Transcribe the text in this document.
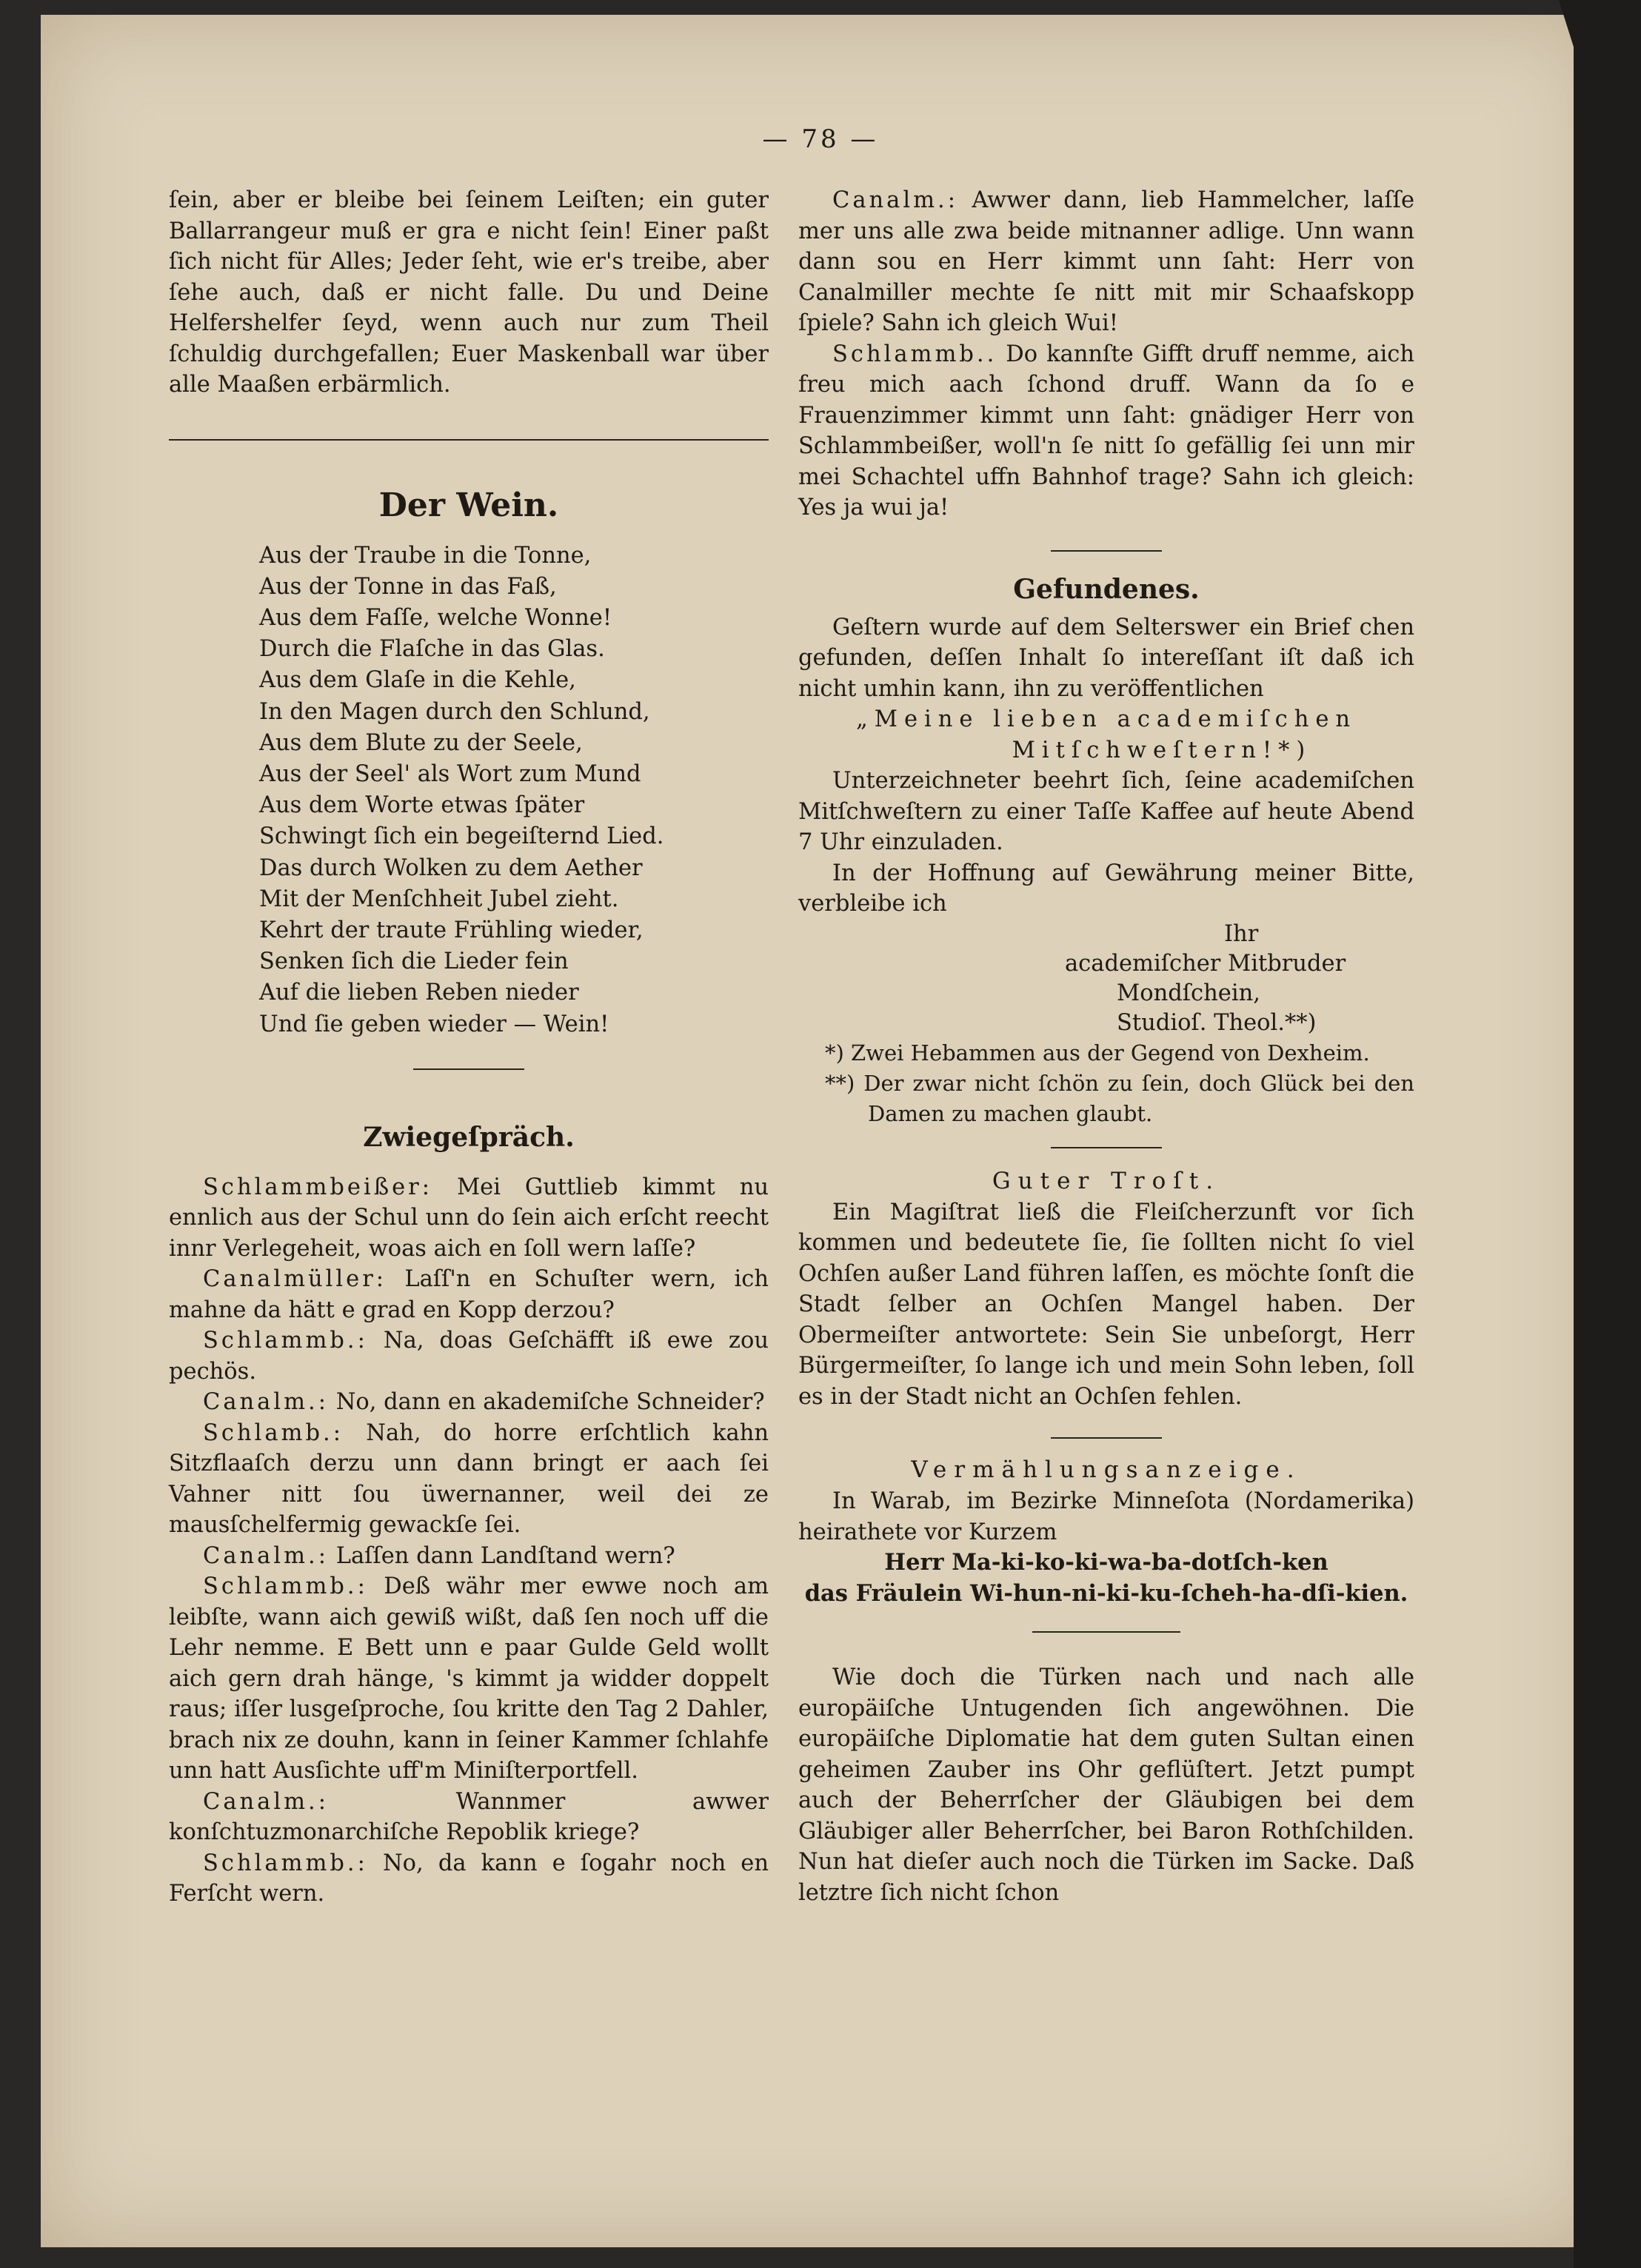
— 78 —

ſein, aber er bleibe bei ſeinem Leiſten; ein guter Ballarrangeur muß er gra e nicht ſein! Einer paßt ſich nicht für Alles; Jeder ſeht, wie er's treibe, aber ſehe auch, daß er nicht falle. Du und Deine Helfershelfer ſeyd, wenn auch nur zum Theil ſchuldig durchgefallen; Euer Maskenball war über alle Maaßen erbärmlich.

Der Wein.
Aus der Traube in die Tonne,
Aus der Tonne in das Faß,
Aus dem Faſſe, welche Wonne!
Durch die Flaſche in das Glas.
Aus dem Glaſe in die Kehle,
In den Magen durch den Schlund,
Aus dem Blute zu der Seele,
Aus der Seel' als Wort zum Mund
Aus dem Worte etwas ſpäter
Schwingt ſich ein begeiſternd Lied.
Das durch Wolken zu dem Aether
Mit der Menſchheit Jubel zieht.
Kehrt der traute Frühling wieder,
Senken ſich die Lieder fein
Auf die lieben Reben nieder
Und ſie geben wieder — Wein!
Zwiegeſpräch.

Schlammbeißer: Mei Guttlieb kimmt nu ennlich aus der Schul unn do ſein aich erſcht reecht innr Verlegeheit, woas aich en ſoll wern laſſe?

Canalmüller: Laſſ'n en Schuſter wern, ich mahne da hätt e grad en Kopp derzou?

Schlammb.: Na, doas Geſchäfft iß ewe zou pechös.

Canalm.: No, dann en akademiſche Schneider?

Schlamb.: Nah, do horre erſchtlich kahn Sitzflaaſch derzu unn dann bringt er aach ſei Vahner nitt ſou üwernanner, weil dei ze mausſchelfermig gewackſe ſei.

Canalm.: Laſſen dann Landſtand wern?

Schlammb.: Deß währ mer ewwe noch am leibſte, wann aich gewiß wißt, daß ſen noch uff die Lehr nemme. E Bett unn e paar Gulde Geld wollt aich gern drah hänge, 's kimmt ja widder doppelt raus; iſſer lusgeſproche, ſou kritte den Tag 2 Dahler, brach nix ze douhn, kann in ſeiner Kammer ſchlahfe unn hatt Ausſichte uff'm Miniſterportfell.

Canalm.: Wannmer awwer konſchtuzmonarchiſche Repoblik kriege?

Schlammb.: No, da kann e ſogahr noch en Ferſcht wern.

Canalm.: Awwer dann, lieb Hammelcher, laſſe mer uns alle zwa beide mitnanner adlige. Unn wann dann sou en Herr kimmt unn ſaht: Herr von Canalmiller mechte ſe nitt mit mir Schaafskopp ſpiele? Sahn ich gleich Wui!

Schlammb.. Do kannſte Gifft druff nemme, aich freu mich aach ſchond druff. Wann da ſo e Frauenzimmer kimmt unn ſaht: gnädiger Herr von Schlammbeißer, woll'n ſe nitt ſo gefällig ſei unn mir mei Schachtel uffn Bahnhof trage? Sahn ich gleich: Yes ja wui ja!

Gefundenes.

Geſtern wurde auf dem Selterswег ein Brief chen gefunden, deſſen Inhalt ſo intereſſant iſt daß ich nicht umhin kann, ihn zu veröffentlichen

„Meine lieben academiſchen

Mitſchweſtern!*)

Unterzeichneter beehrt ſich, ſeine academiſchen Mitſchweſtern zu einer Taſſe Kaffee auf heute Abend 7 Uhr einzuladen.

In der Hoffnung auf Gewährung meiner Bitte, verbleibe ich

Ihr
academiſcher Mitbruder
Mondſchein,
Studioſ. Theol.**)

*) Zwei Hebammen aus der Gegend von Dexheim.

**) Der zwar nicht ſchön zu ſein, doch Glück bei den Damen zu machen glaubt.

Guter Troſt.

Ein Magiſtrat ließ die Fleiſcherzunft vor ſich kommen und bedeutete ſie, ſie ſollten nicht ſo viel Ochſen außer Land führen laſſen, es möchte ſonſt die Stadt ſelber an Ochſen Mangel haben. Der Obermeiſter antwortete: Sein Sie unbeſorgt, Herr Bürgermeiſter, ſo lange ich und mein Sohn leben, ſoll es in der Stadt nicht an Ochſen fehlen.

Vermählungsanzeige.

In Warab, im Bezirke Minneſota (Nordamerika) heirathete vor Kurzem

Herr Ma-ki-ko-ki-wa-ba-dotſch-ken

das Fräulein Wi-hun-ni-ki-ku-ſcheh-ha-dſi-kien.

Wie doch die Türken nach und nach alle europäiſche Untugenden ſich angewöhnen. Die europäiſche Diplomatie hat dem guten Sultan einen geheimen Zauber ins Ohr geflüſtert. Jetzt pumpt auch der Beherrſcher der Gläubigen bei dem Gläubiger aller Beherrſcher, bei Baron Rothſchilden. Nun hat dieſer auch noch die Türken im Sacke. Daß letztre ſich nicht ſchon
